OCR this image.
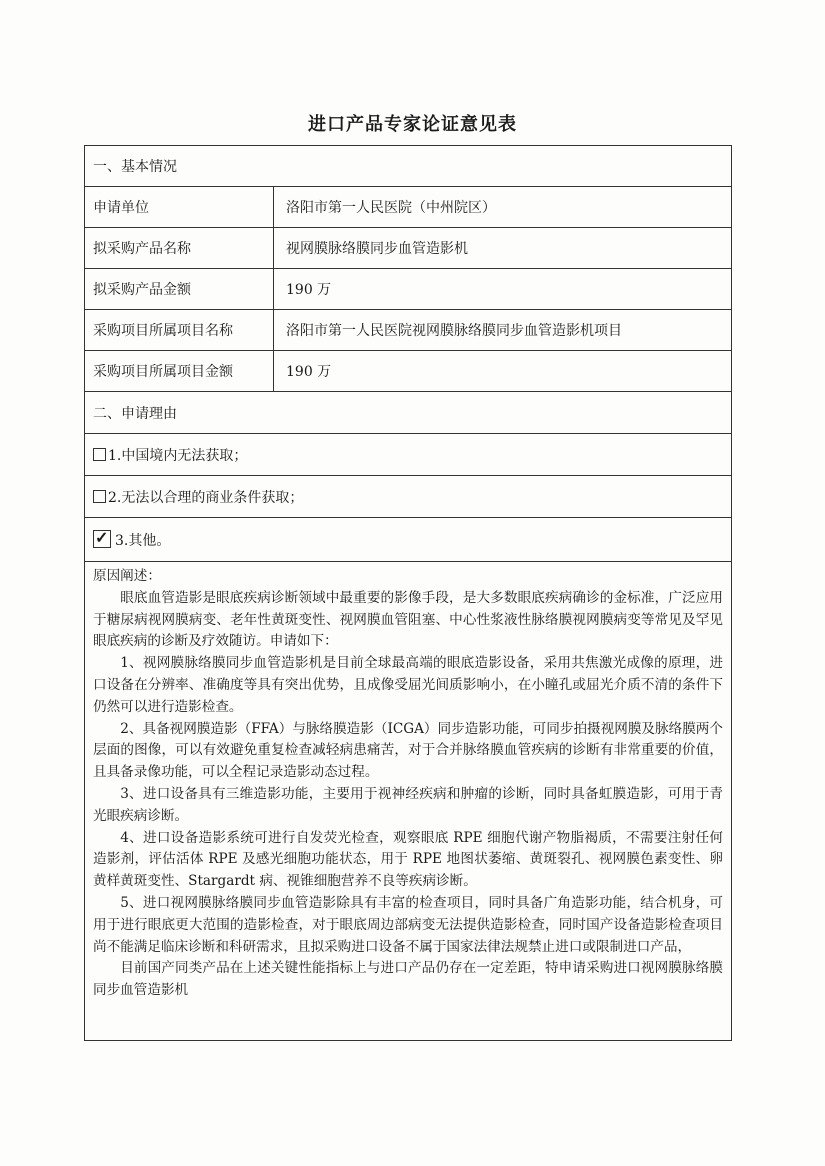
进口产品专家论证意见表
一、基本情况
申请单位	洛阳市第一人民医院（中州院区）
拟采购产品名称	视网膜脉络膜同步血管造影机
拟采购产品金额	190 万
采购项目所属项目名称	洛阳市第一人民医院视网膜脉络膜同步血管造影机项目
采购项目所属项目金额	190 万
二、申请理由
1.中国境内无法获取；
2.无法以合理的商业条件获取；
✓3.其他。
原因阐述：

眼底血管造影是眼底疾病诊断领域中最重要的影像手段，是大多数眼底疾病确诊的金标准，广泛应用于糖尿病视网膜病变、老年性黄斑变性、视网膜血管阻塞、中心性浆液性脉络膜视网膜病变等常见及罕见眼底疾病的诊断及疗效随访。申请如下：

1、视网膜脉络膜同步血管造影机是目前全球最高端的眼底造影设备，采用共焦激光成像的原理，进口设备在分辨率、准确度等具有突出优势，且成像受屈光间质影响小，在小瞳孔或屈光介质不清的条件下仍然可以进行造影检查。

2、具备视网膜造影（FFA）与脉络膜造影（ICGA）同步造影功能，可同步拍摄视网膜及脉络膜两个层面的图像，可以有效避免重复检查减轻病患痛苦，对于合并脉络膜血管疾病的诊断有非常重要的价值，且具备录像功能，可以全程记录造影动态过程。

3、进口设备具有三维造影功能，主要用于视神经疾病和肿瘤的诊断，同时具备虹膜造影，可用于青光眼疾病诊断。

4、进口设备造影系统可进行自发荧光检查，观察眼底 RPE 细胞代谢产物脂褐质，不需要注射任何造影剂，评估活体 RPE 及感光细胞功能状态，用于 RPE 地图状萎缩、黄斑裂孔、视网膜色素变性、卵黄样黄斑变性、Stargardt 病、视锥细胞营养不良等疾病诊断。

5、进口视网膜脉络膜同步血管造影除具有丰富的检查项目，同时具备广角造影功能，结合机身，可用于进行眼底更大范围的造影检查，对于眼底周边部病变无法提供造影检查，同时国产设备造影检查项目尚不能满足临床诊断和科研需求，且拟采购进口设备不属于国家法律法规禁止进口或限制进口产品，

目前国产同类产品在上述关键性能指标上与进口产品仍存在一定差距，特申请采购进口视网膜脉络膜同步血管造影机
